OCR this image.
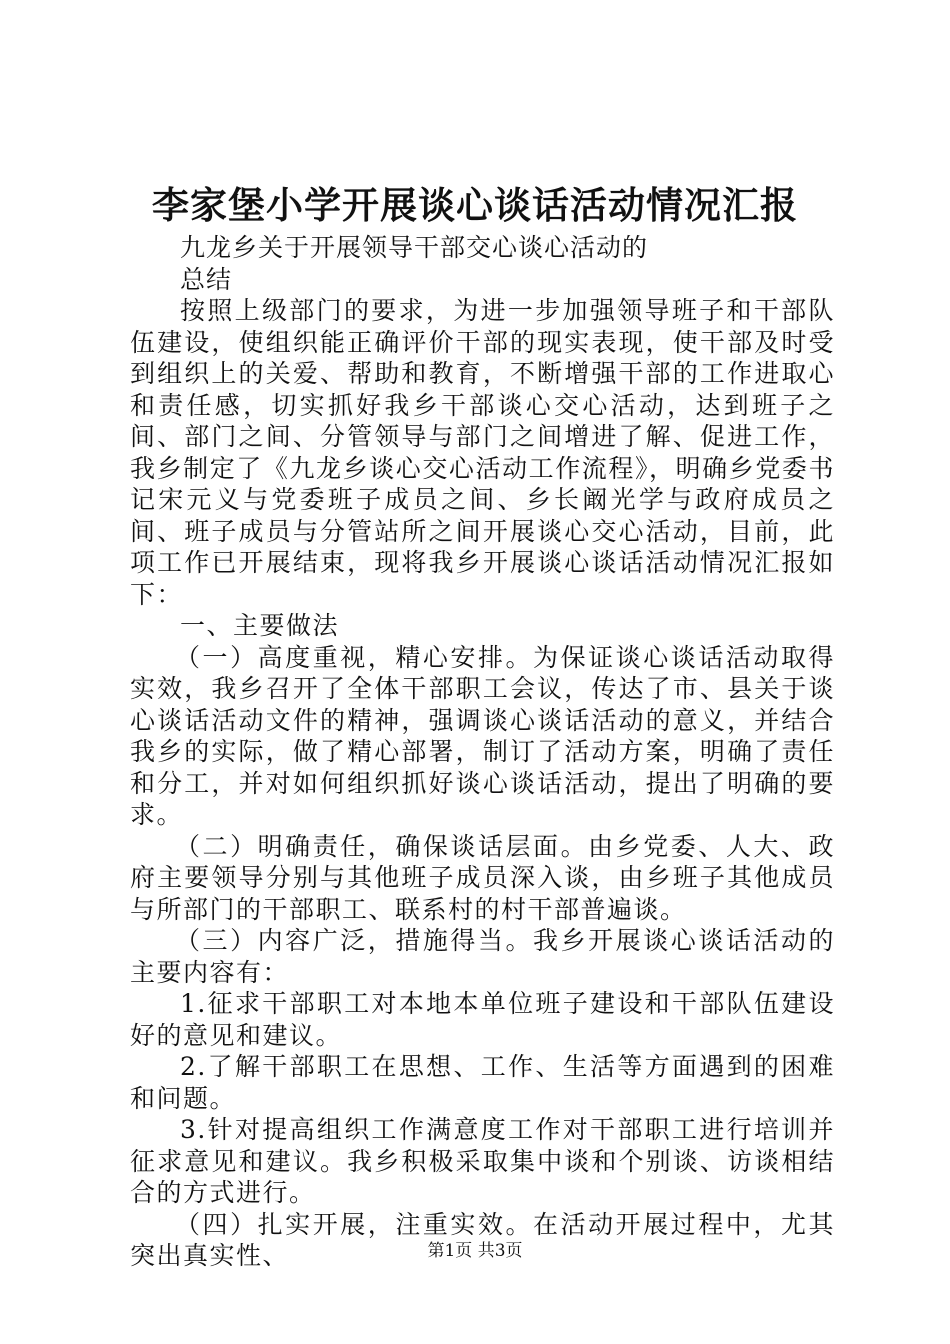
李家堡小学开展谈心谈话活动情况汇报
九龙乡关于开展领导干部交心谈心活动的
总结

按照上级部门的要求，为进一步加强领导班子和干部队伍建设，使组织能正确评价干部的现实表现，使干部及时受到组织上的关爱、帮助和教育，不断增强干部的工作进取心和责任感，切实抓好我乡干部谈心交心活动，达到班子之间、部门之间、分管领导与部门之间增进了解、促进工作，我乡制定了《九龙乡谈心交心活动工作流程》，明确乡党委书记宋元义与党委班子成员之间、乡长阚光学与政府成员之间、班子成员与分管站所之间开展谈心交心活动，目前，此项工作已开展结束，现将我乡开展谈心谈话活动情况汇报如下：

一、主要做法

（一）高度重视，精心安排。为保证谈心谈话活动取得实效，我乡召开了全体干部职工会议，传达了市、县关于谈心谈话活动文件的精神，强调谈心谈话活动的意义，并结合我乡的实际，做了精心部署，制订了活动方案，明确了责任和分工，并对如何组织抓好谈心谈话活动，提出了明确的要求。

（二）明确责任，确保谈话层面。由乡党委、人大、政府主要领导分别与其他班子成员深入谈，由乡班子其他成员与所部门的干部职工、联系村的村干部普遍谈。

（三）内容广泛，措施得当。我乡开展谈心谈话活动的主要内容有：

1.征求干部职工对本地本单位班子建设和干部队伍建设好的意见和建议。

2.了解干部职工在思想、工作、生活等方面遇到的困难和问题。

3.针对提高组织工作满意度工作对干部职工进行培训并征求意见和建议。我乡积极采取集中谈和个别谈、访谈相结合的方式进行。

（四）扎实开展，注重实效。在活动开展过程中，尤其突出真实性、	第1页 共3页
